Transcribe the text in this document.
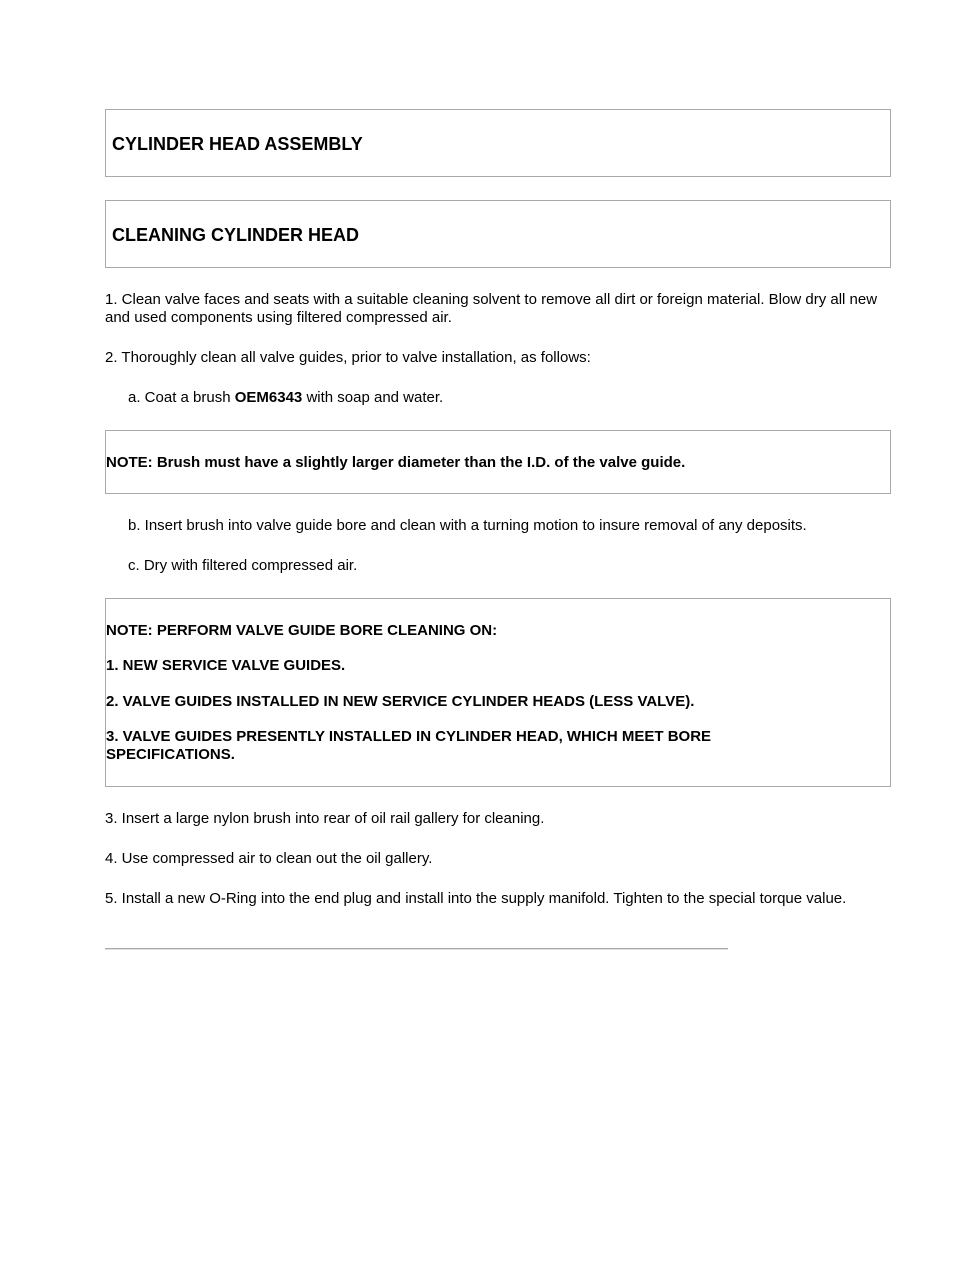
CYLINDER HEAD ASSEMBLY
CLEANING CYLINDER HEAD

1. Clean valve faces and seats with a suitable cleaning solvent to remove all dirt or foreign material. Blow dry all new and used components using filtered compressed air.

2. Thoroughly clean all valve guides, prior to valve installation, as follows:

a. Coat a brush OEM6343 with soap and water.

NOTE: Brush must have a slightly larger diameter than the I.D. of the valve guide.

b. Insert brush into valve guide bore and clean with a turning motion to insure removal of any deposits.

c. Dry with filtered compressed air.

NOTE: PERFORM VALVE GUIDE BORE CLEANING ON:

1. NEW SERVICE VALVE GUIDES.

2. VALVE GUIDES INSTALLED IN NEW SERVICE CYLINDER HEADS (LESS VALVE).

3. VALVE GUIDES PRESENTLY INSTALLED IN CYLINDER HEAD, WHICH MEET BORE SPECIFICATIONS.

3. Insert a large nylon brush into rear of oil rail gallery for cleaning.

4. Use compressed air to clean out the oil gallery.

5. Install a new O-Ring into the end plug and install into the supply manifold. Tighten to the special torque value.
